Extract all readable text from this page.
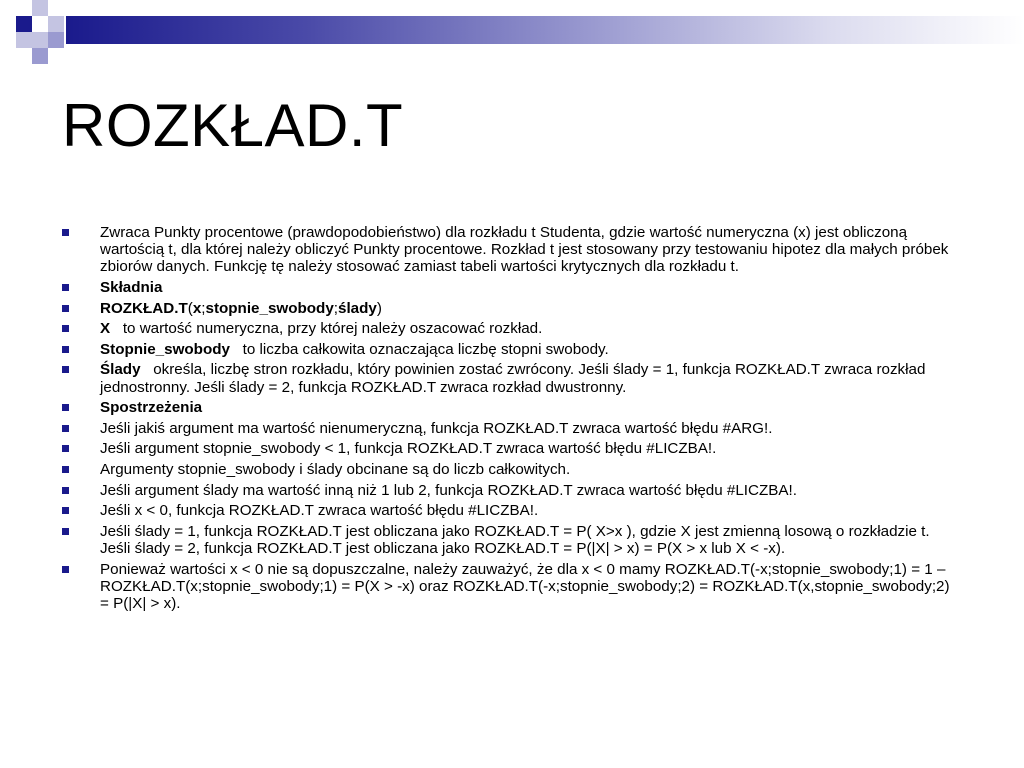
ROZKŁAD.T
Zwraca Punkty procentowe (prawdopodobieństwo) dla rozkładu t Studenta, gdzie wartość numeryczna (x) jest obliczoną wartością t, dla której należy obliczyć Punkty procentowe. Rozkład t jest stosowany przy testowaniu hipotez dla małych próbek zbiorów danych. Funkcję tę należy stosować zamiast tabeli wartości krytycznych dla rozkładu t.
Składnia
ROZKŁAD.T(x;stopnie_swobody;ślady)
X to wartość numeryczna, przy której należy oszacować rozkład.
Stopnie_swobody to liczba całkowita oznaczająca liczbę stopni swobody.
Ślady określa, liczbę stron rozkładu, który powinien zostać zwrócony. Jeśli ślady = 1, funkcja ROZKŁAD.T zwraca rozkład jednostronny. Jeśli ślady = 2, funkcja ROZKŁAD.T zwraca rozkład dwustronny.
Spostrzeżenia
Jeśli jakiś argument ma wartość nienumeryczną, funkcja ROZKŁAD.T zwraca wartość błędu #ARG!.
Jeśli argument stopnie_swobody < 1, funkcja ROZKŁAD.T zwraca wartość błędu #LICZBA!.
Argumenty stopnie_swobody i ślady obcinane są do liczb całkowitych.
Jeśli argument ślady ma wartość inną niż 1 lub 2, funkcja ROZKŁAD.T zwraca wartość błędu #LICZBA!.
Jeśli x < 0, funkcja ROZKŁAD.T zwraca wartość błędu #LICZBA!.
Jeśli ślady = 1, funkcja ROZKŁAD.T jest obliczana jako ROZKŁAD.T = P( X>x ), gdzie X jest zmienną losową o rozkładzie t. Jeśli ślady = 2, funkcja ROZKŁAD.T jest obliczana jako ROZKŁAD.T = P(|X| > x) = P(X > x lub X < -x).
Ponieważ wartości x < 0 nie są dopuszczalne, należy zauważyć, że dla x < 0 mamy ROZKŁAD.T(-x;stopnie_swobody;1) = 1 – ROZKŁAD.T(x;stopnie_swobody;1) = P(X > -x) oraz ROZKŁAD.T(-x;stopnie_swobody;2) = ROZKŁAD.T(x,stopnie_swobody;2) = P(|X| > x).
